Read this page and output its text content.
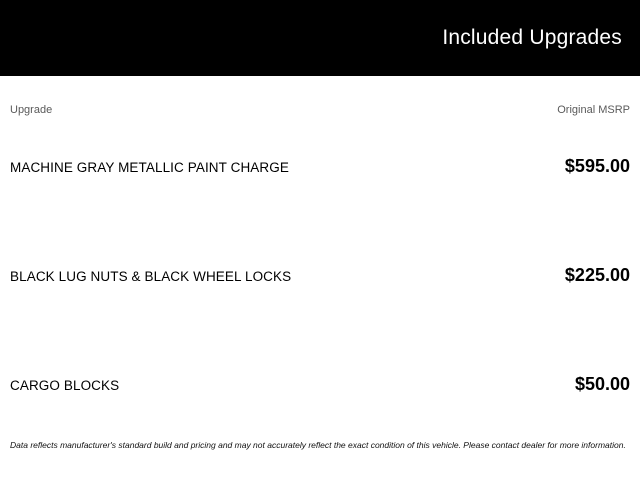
Included Upgrades
Upgrade	Original MSRP
MACHINE GRAY METALLIC PAINT CHARGE	$595.00
BLACK LUG NUTS & BLACK WHEEL LOCKS	$225.00
CARGO BLOCKS	$50.00
Data reflects manufacturer's standard build and pricing and may not accurately reflect the exact condition of this vehicle. Please contact dealer for more information.
